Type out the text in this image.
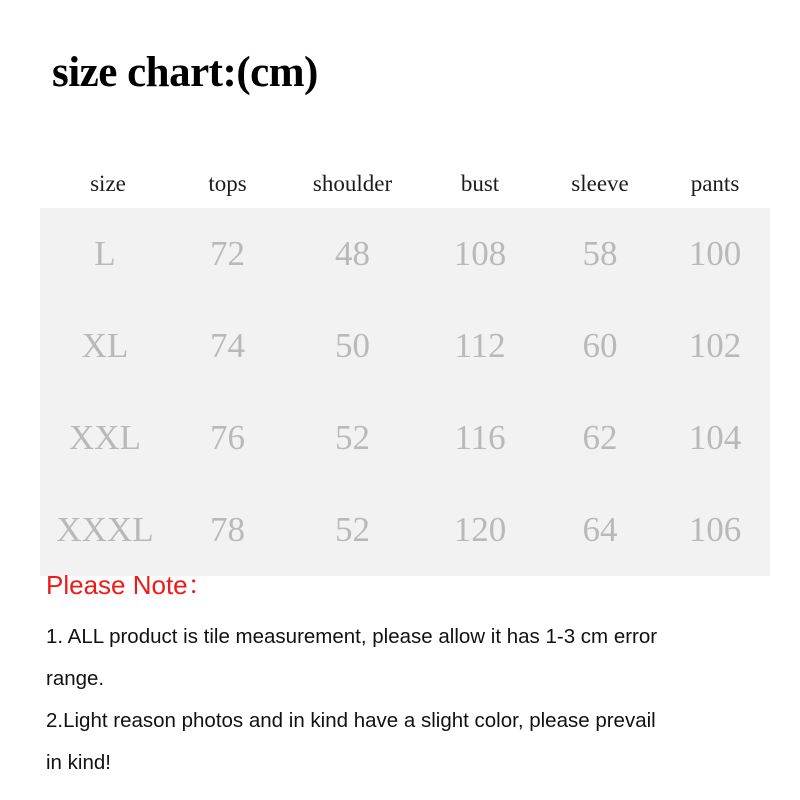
size chart:(cm)
size	tops	shoulder	bust	sleeve	pants
L	72	48	108	58	100
XL	74	50	112	60	102
XXL	76	52	116	62	104
XXXL	78	52	120	64	106
Please Note：
1. ALL product is tile measurement, please allow it has 1-3 cm error
range.
2.Light reason photos and in kind have a slight color, please prevail
in kind!
